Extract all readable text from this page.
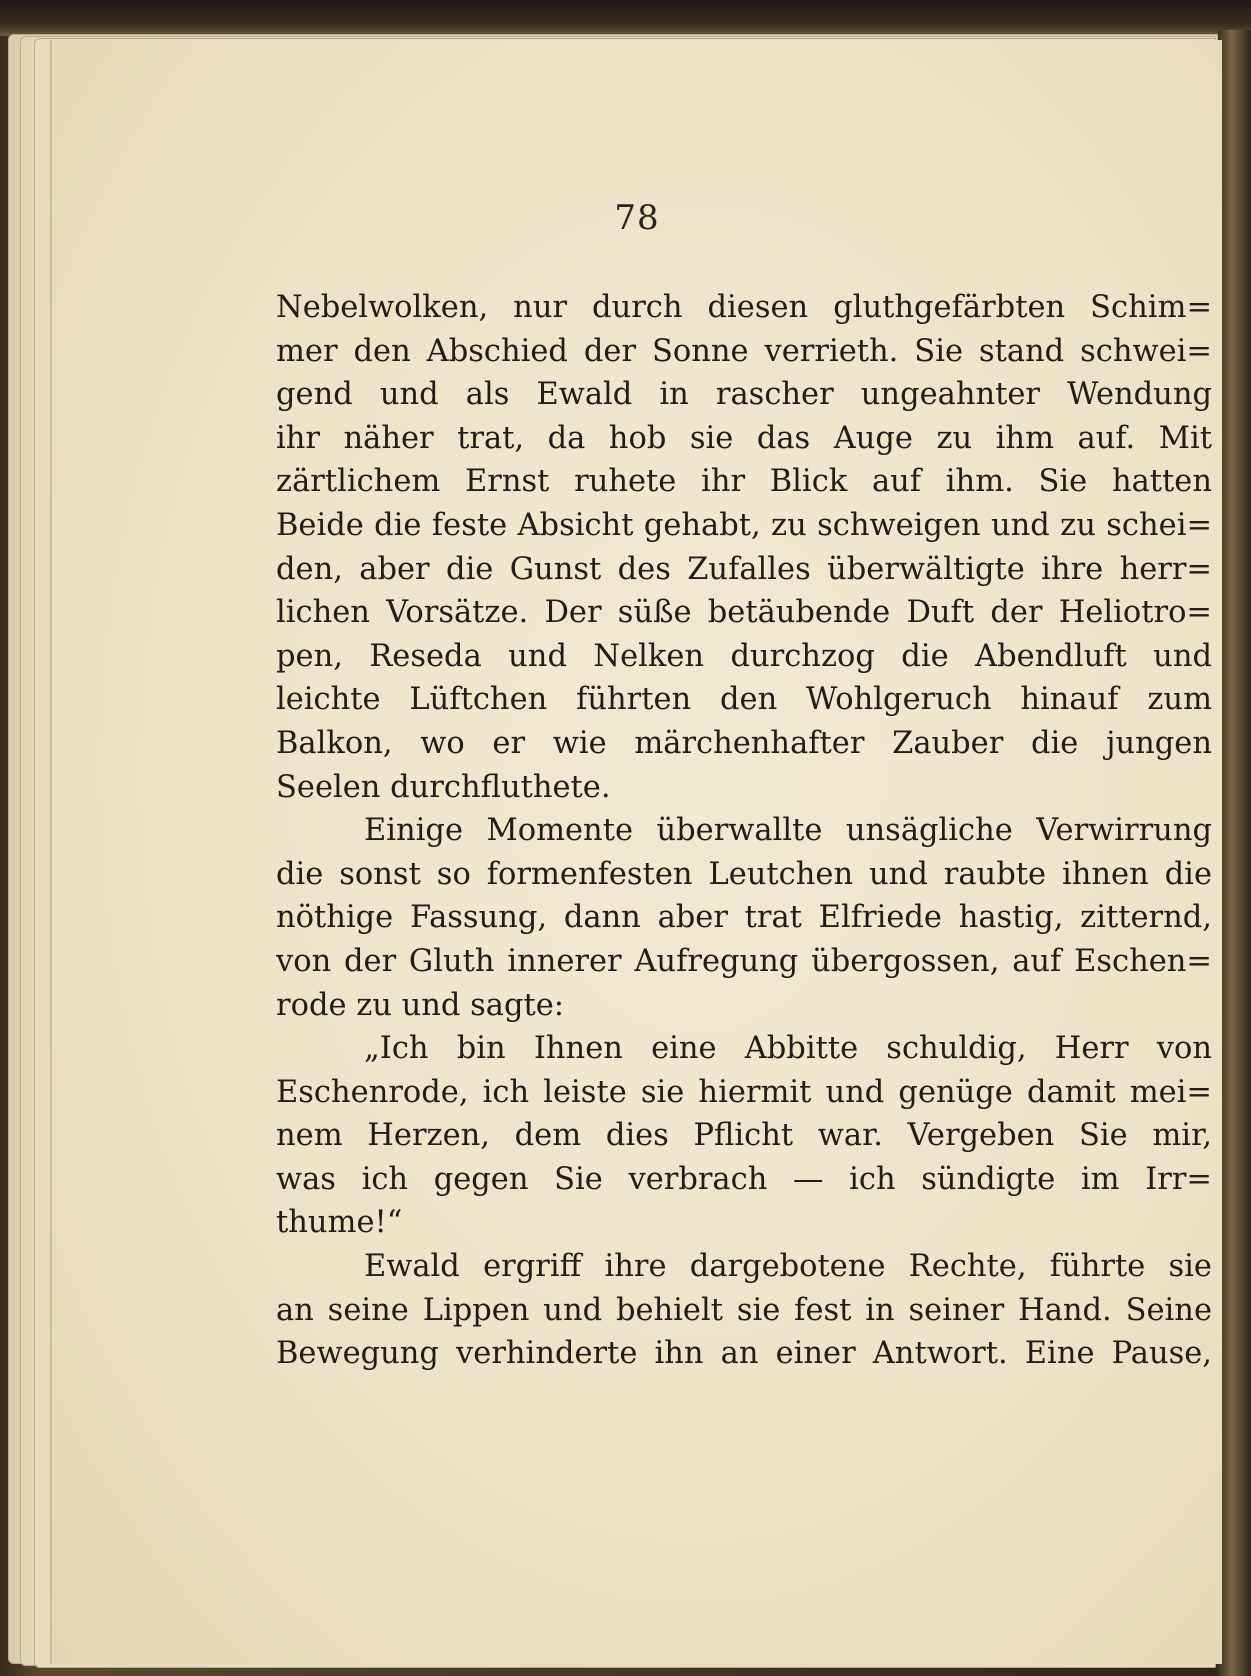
78
Nebelwolken, nur durch diesen gluthgefärbten Schim=
mer den Abschied der Sonne verrieth. Sie stand schwei=
gend und als Ewald in rascher ungeahnter Wendung
ihr näher trat, da hob sie das Auge zu ihm auf. Mit
zärtlichem Ernst ruhete ihr Blick auf ihm. Sie hatten
Beide die feste Absicht gehabt, zu schweigen und zu schei=
den, aber die Gunst des Zufalles überwältigte ihre herr=
lichen Vorsätze. Der süße betäubende Duft der Heliotro=
pen, Reseda und Nelken durchzog die Abendluft und
leichte Lüftchen führten den Wohlgeruch hinauf zum
Balkon, wo er wie märchenhafter Zauber die jungen
Seelen durchfluthete.
Einige Momente überwallte unsägliche Verwirrung
die sonst so formenfesten Leutchen und raubte ihnen die
nöthige Fassung, dann aber trat Elfriede hastig, zitternd,
von der Gluth innerer Aufregung übergossen, auf Eschen=
rode zu und sagte:
„Ich bin Ihnen eine Abbitte schuldig, Herr von
Eschenrode, ich leiste sie hiermit und genüge damit mei=
nem Herzen, dem dies Pflicht war. Vergeben Sie mir,
was ich gegen Sie verbrach — ich sündigte im Irr=
thume!“
Ewald ergriff ihre dargebotene Rechte, führte sie
an seine Lippen und behielt sie fest in seiner Hand. Seine
Bewegung verhinderte ihn an einer Antwort. Eine Pause,
